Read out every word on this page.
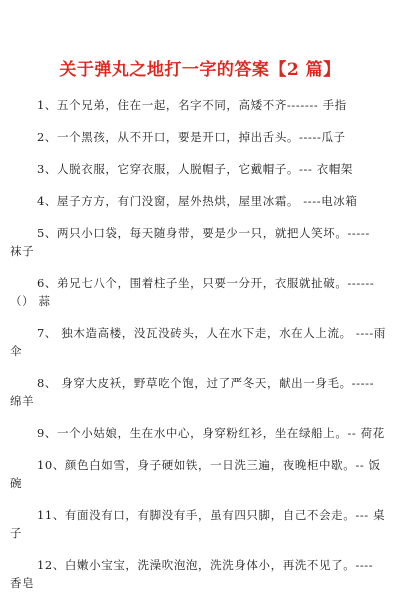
关于弹丸之地打一字的答案【2 篇】

1、五个兄弟，住在一起，名字不同，高矮不齐------- 手指

2、一个黑孩，从不开口，要是开口，掉出舌头。-----瓜子

3、人脱衣服，它穿衣服，人脱帽子，它戴帽子。--- 衣帽架

4、屋子方方，有门没窗，屋外热烘，屋里冰霜。 ----电冰箱

5、两只小口袋，每天随身带，要是少一只，就把人笑坏。----- 袜子

6、弟兄七八个，围着柱子坐，只要一分开，衣服就扯破。------（） 蒜

7、 独木造高楼，没瓦没砖头，人在水下走，水在人上流。 ----雨伞

8、 身穿大皮袄，野草吃个饱，过了严冬天，献出一身毛。-----绵羊

9、一个小姑娘，生在水中心，身穿粉红衫，坐在绿船上。-- 荷花

10、颜色白如雪，身子硬如铁，一日洗三遍，夜晚柜中歇。-- 饭碗

11、有面没有口，有脚没有手，虽有四只脚，自己不会走。--- 桌子

12、白嫩小宝宝，洗澡吹泡泡，洗洗身体小，再洗不见了。---- 香皂
